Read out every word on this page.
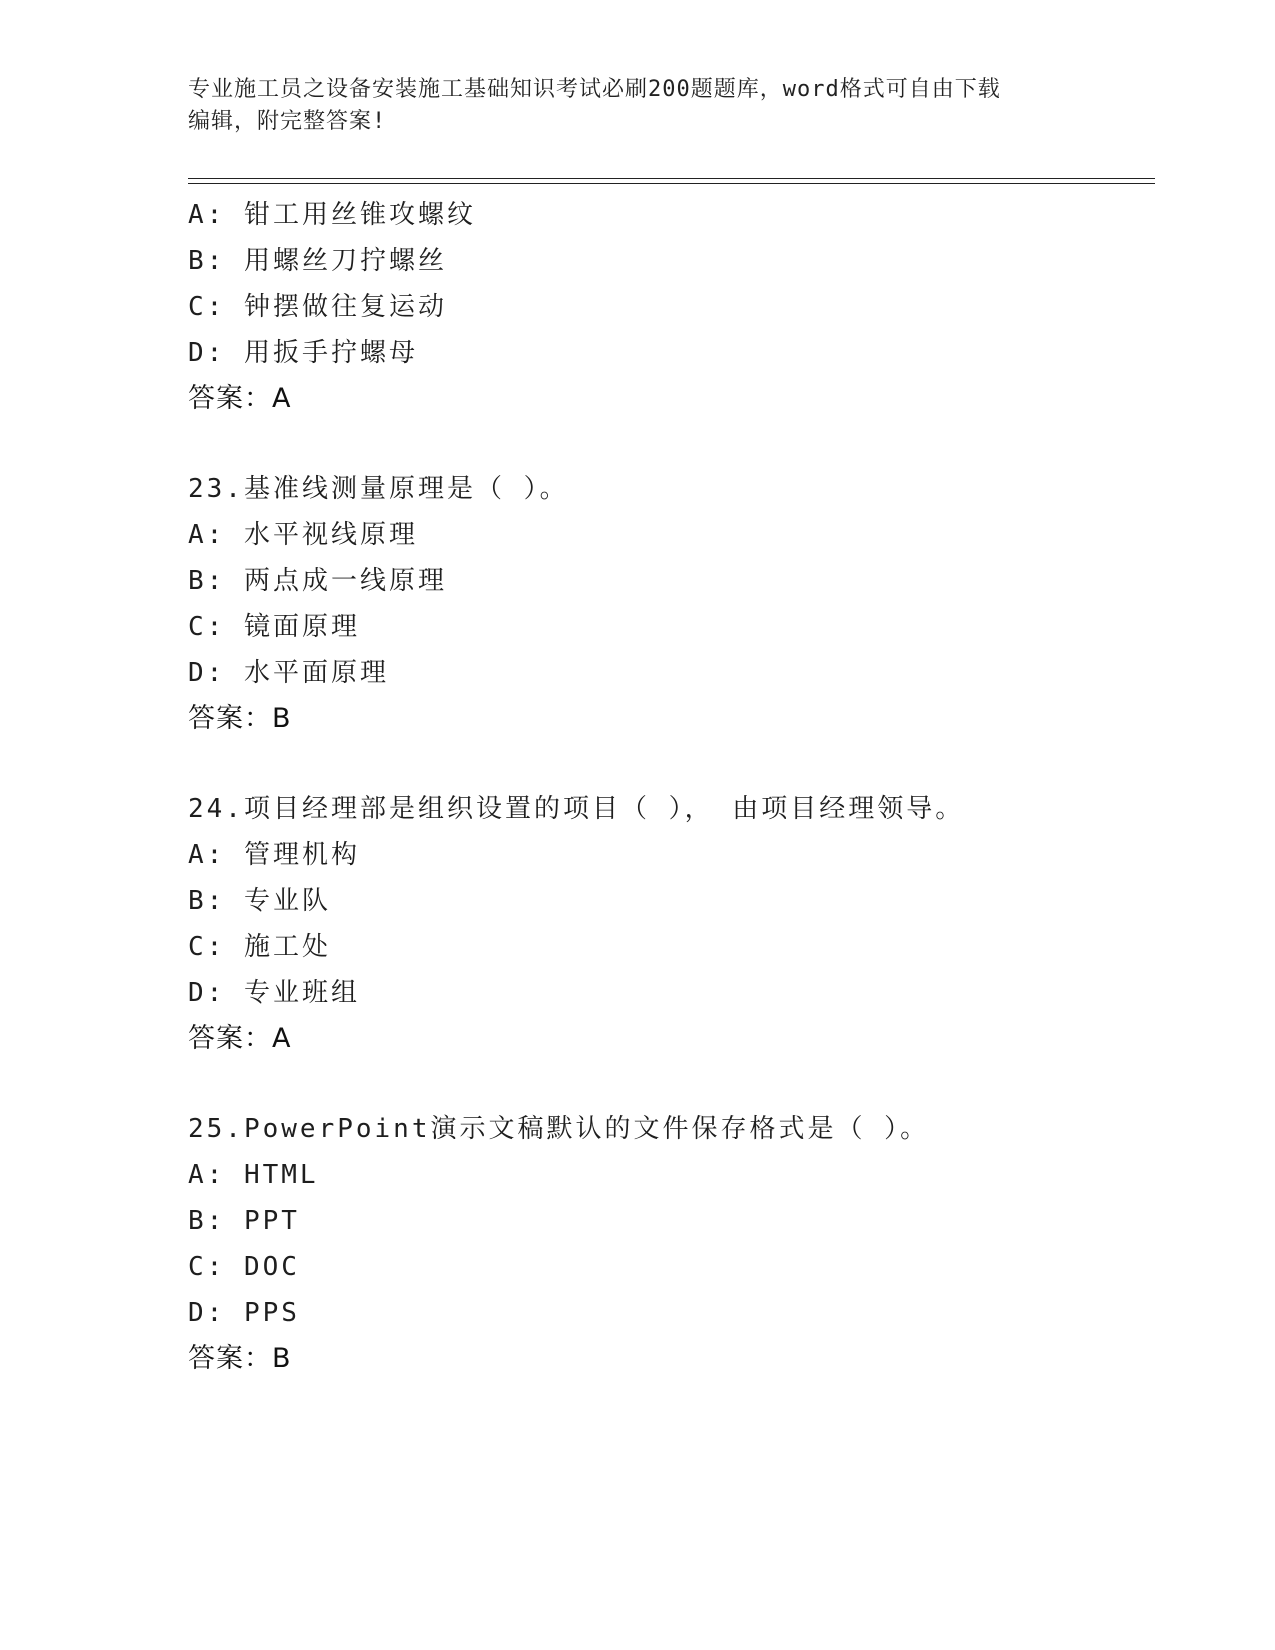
专业施工员之设备安装施工基础知识考试必刷200题题库，word格式可自由下载
编辑，附完整答案!
A: 钳工用丝锥攻螺纹
B: 用螺丝刀拧螺丝
C: 钟摆做往复运动
D: 用扳手拧螺母
答案：A
23.基准线测量原理是（ ）。
A: 水平视线原理
B: 两点成一线原理
C: 镜面原理
D: 水平面原理
答案：B
24.项目经理部是组织设置的项目（ ）， 由项目经理领导。
A: 管理机构
B: 专业队
C: 施工处
D: 专业班组
答案：A
25.PowerPoint演示文稿默认的文件保存格式是（ ）。
A: HTML
B: PPT
C: DOC
D: PPS
答案：B
